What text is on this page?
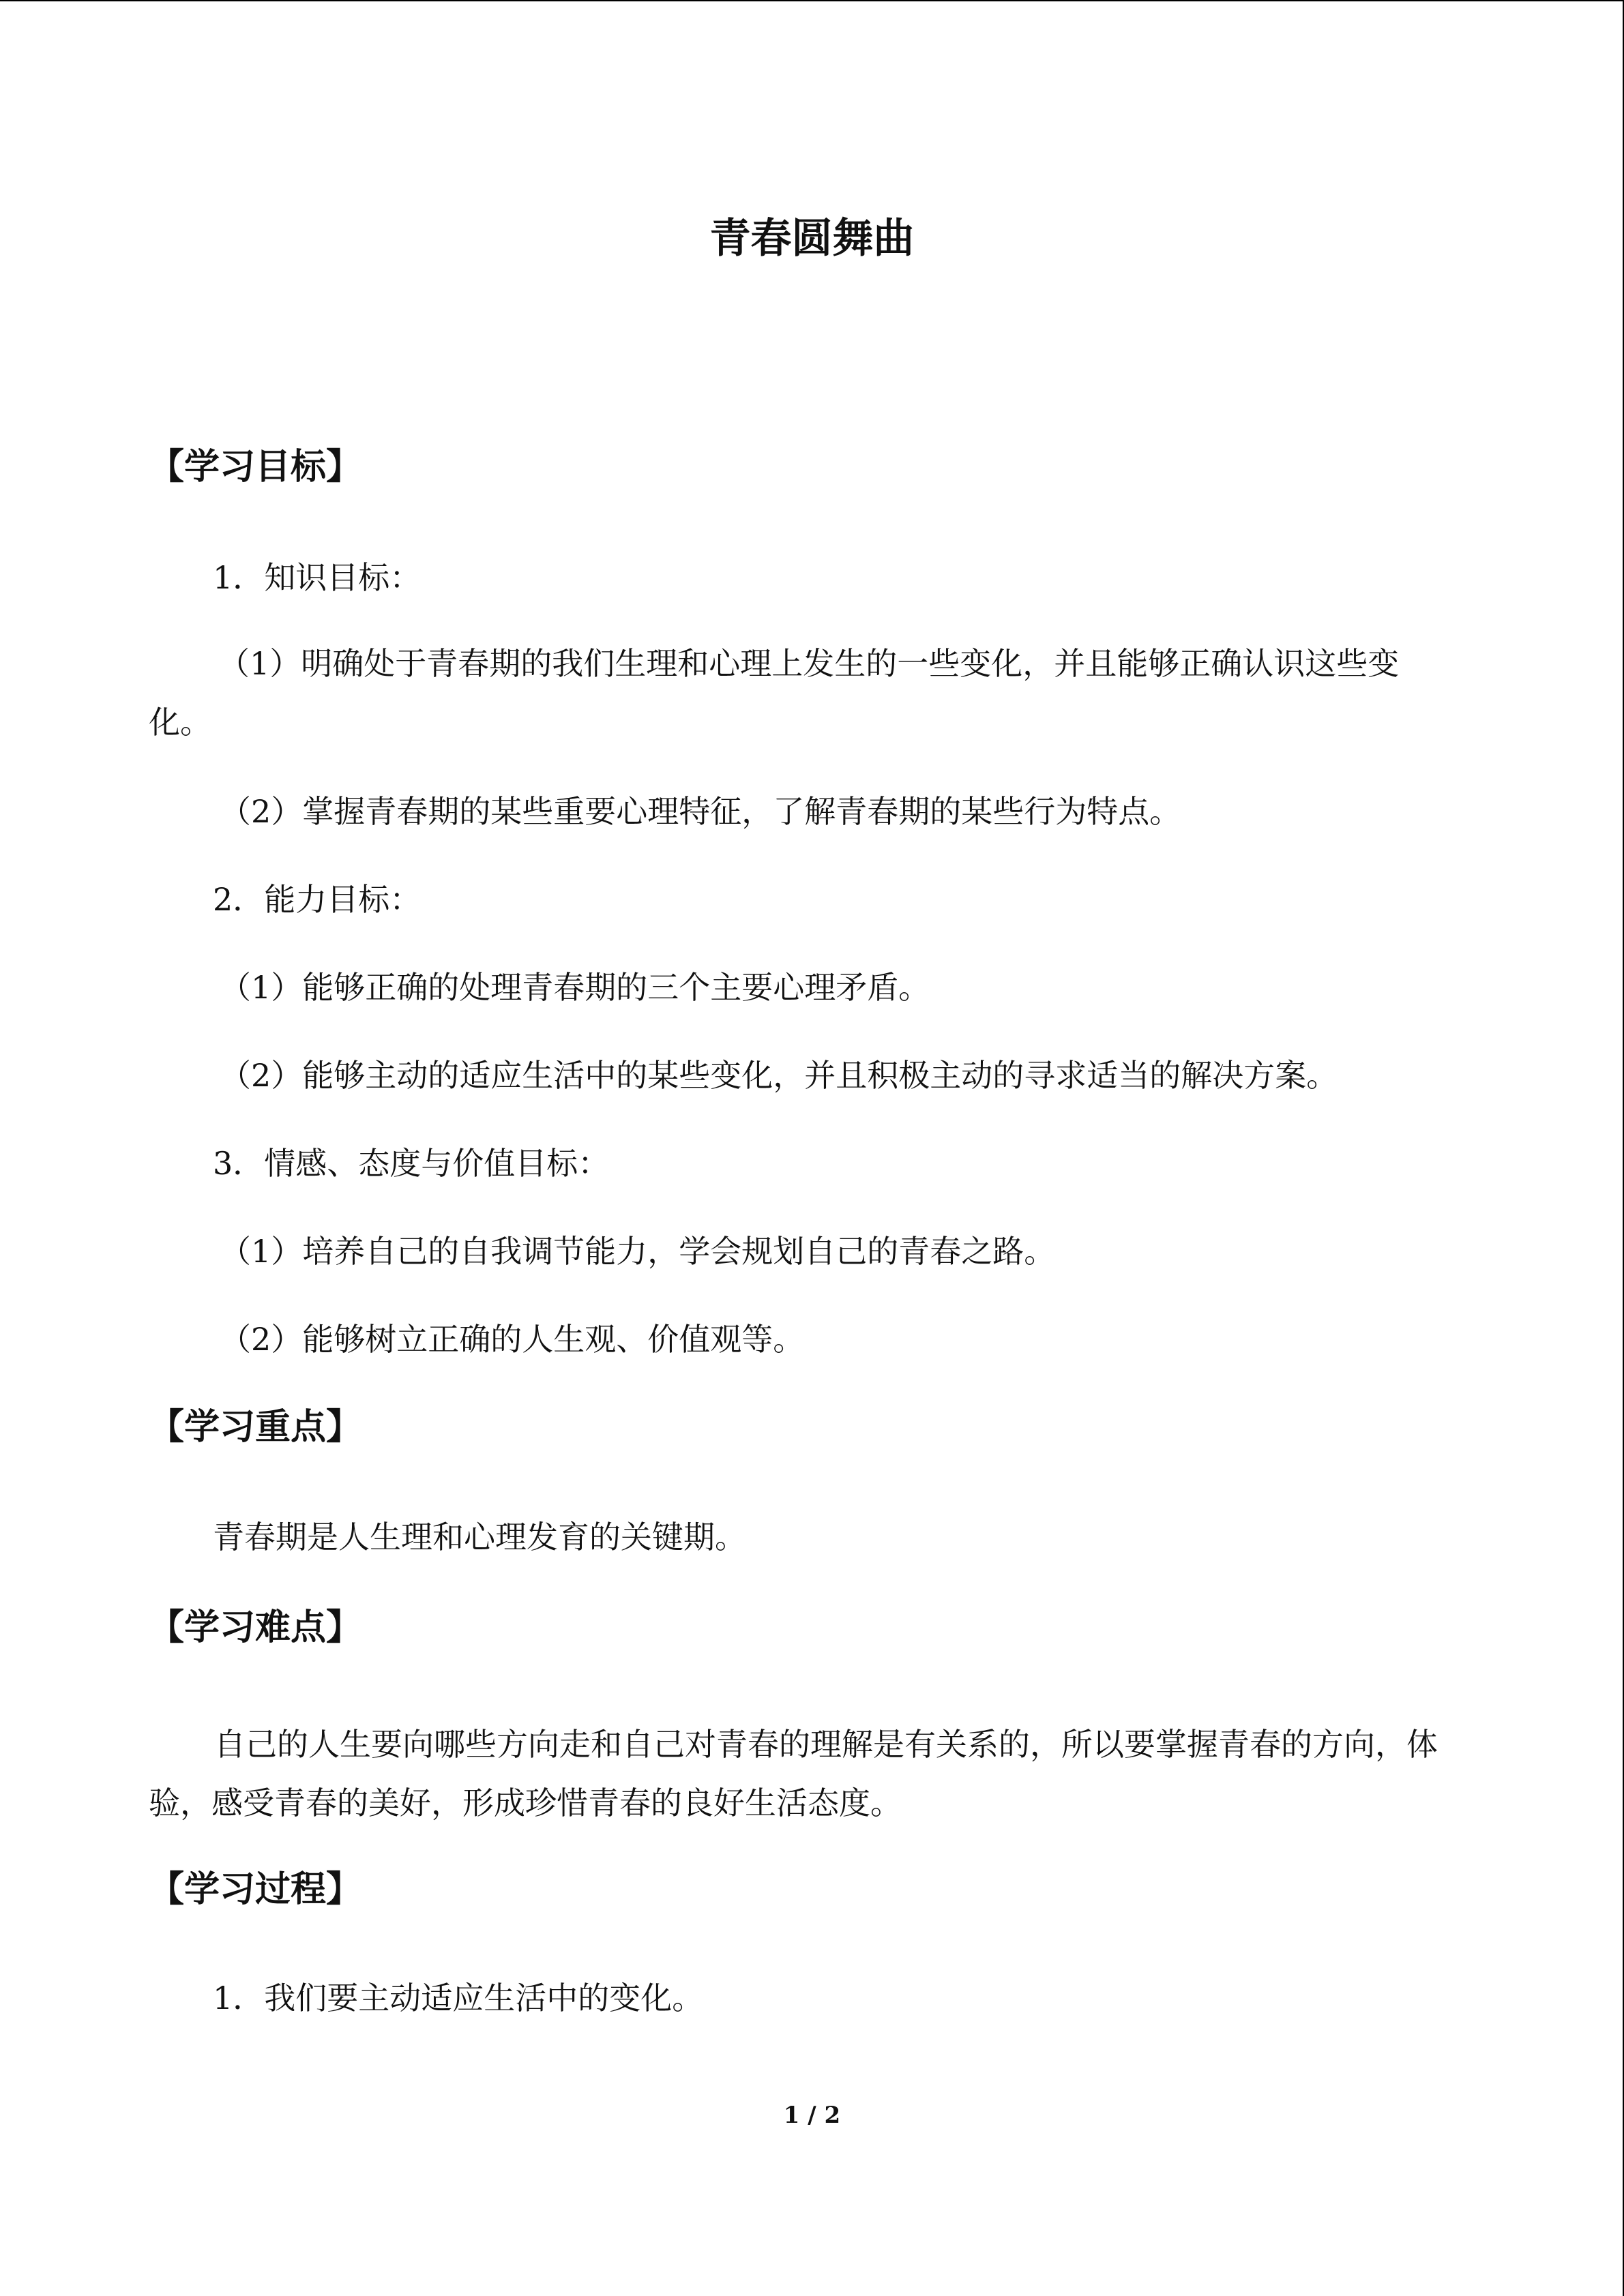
青春圆舞曲
【学习目标】
1．知识目标：
（1）明确处于青春期的我们生理和心理上发生的一些变化，并且能够正确认识这些变化。
（2）掌握青春期的某些重要心理特征，了解青春期的某些行为特点。
2．能力目标：
（1）能够正确的处理青春期的三个主要心理矛盾。
（2）能够主动的适应生活中的某些变化，并且积极主动的寻求适当的解决方案。
3．情感、态度与价值目标：
（1）培养自己的自我调节能力，学会规划自己的青春之路。
（2）能够树立正确的人生观、价值观等。
【学习重点】
青春期是人生理和心理发育的关键期。
【学习难点】
自己的人生要向哪些方向走和自己对青春的理解是有关系的，所以要掌握青春的方向，体验，感受青春的美好，形成珍惜青春的良好生活态度。
【学习过程】
1．我们要主动适应生活中的变化。
1 / 2
